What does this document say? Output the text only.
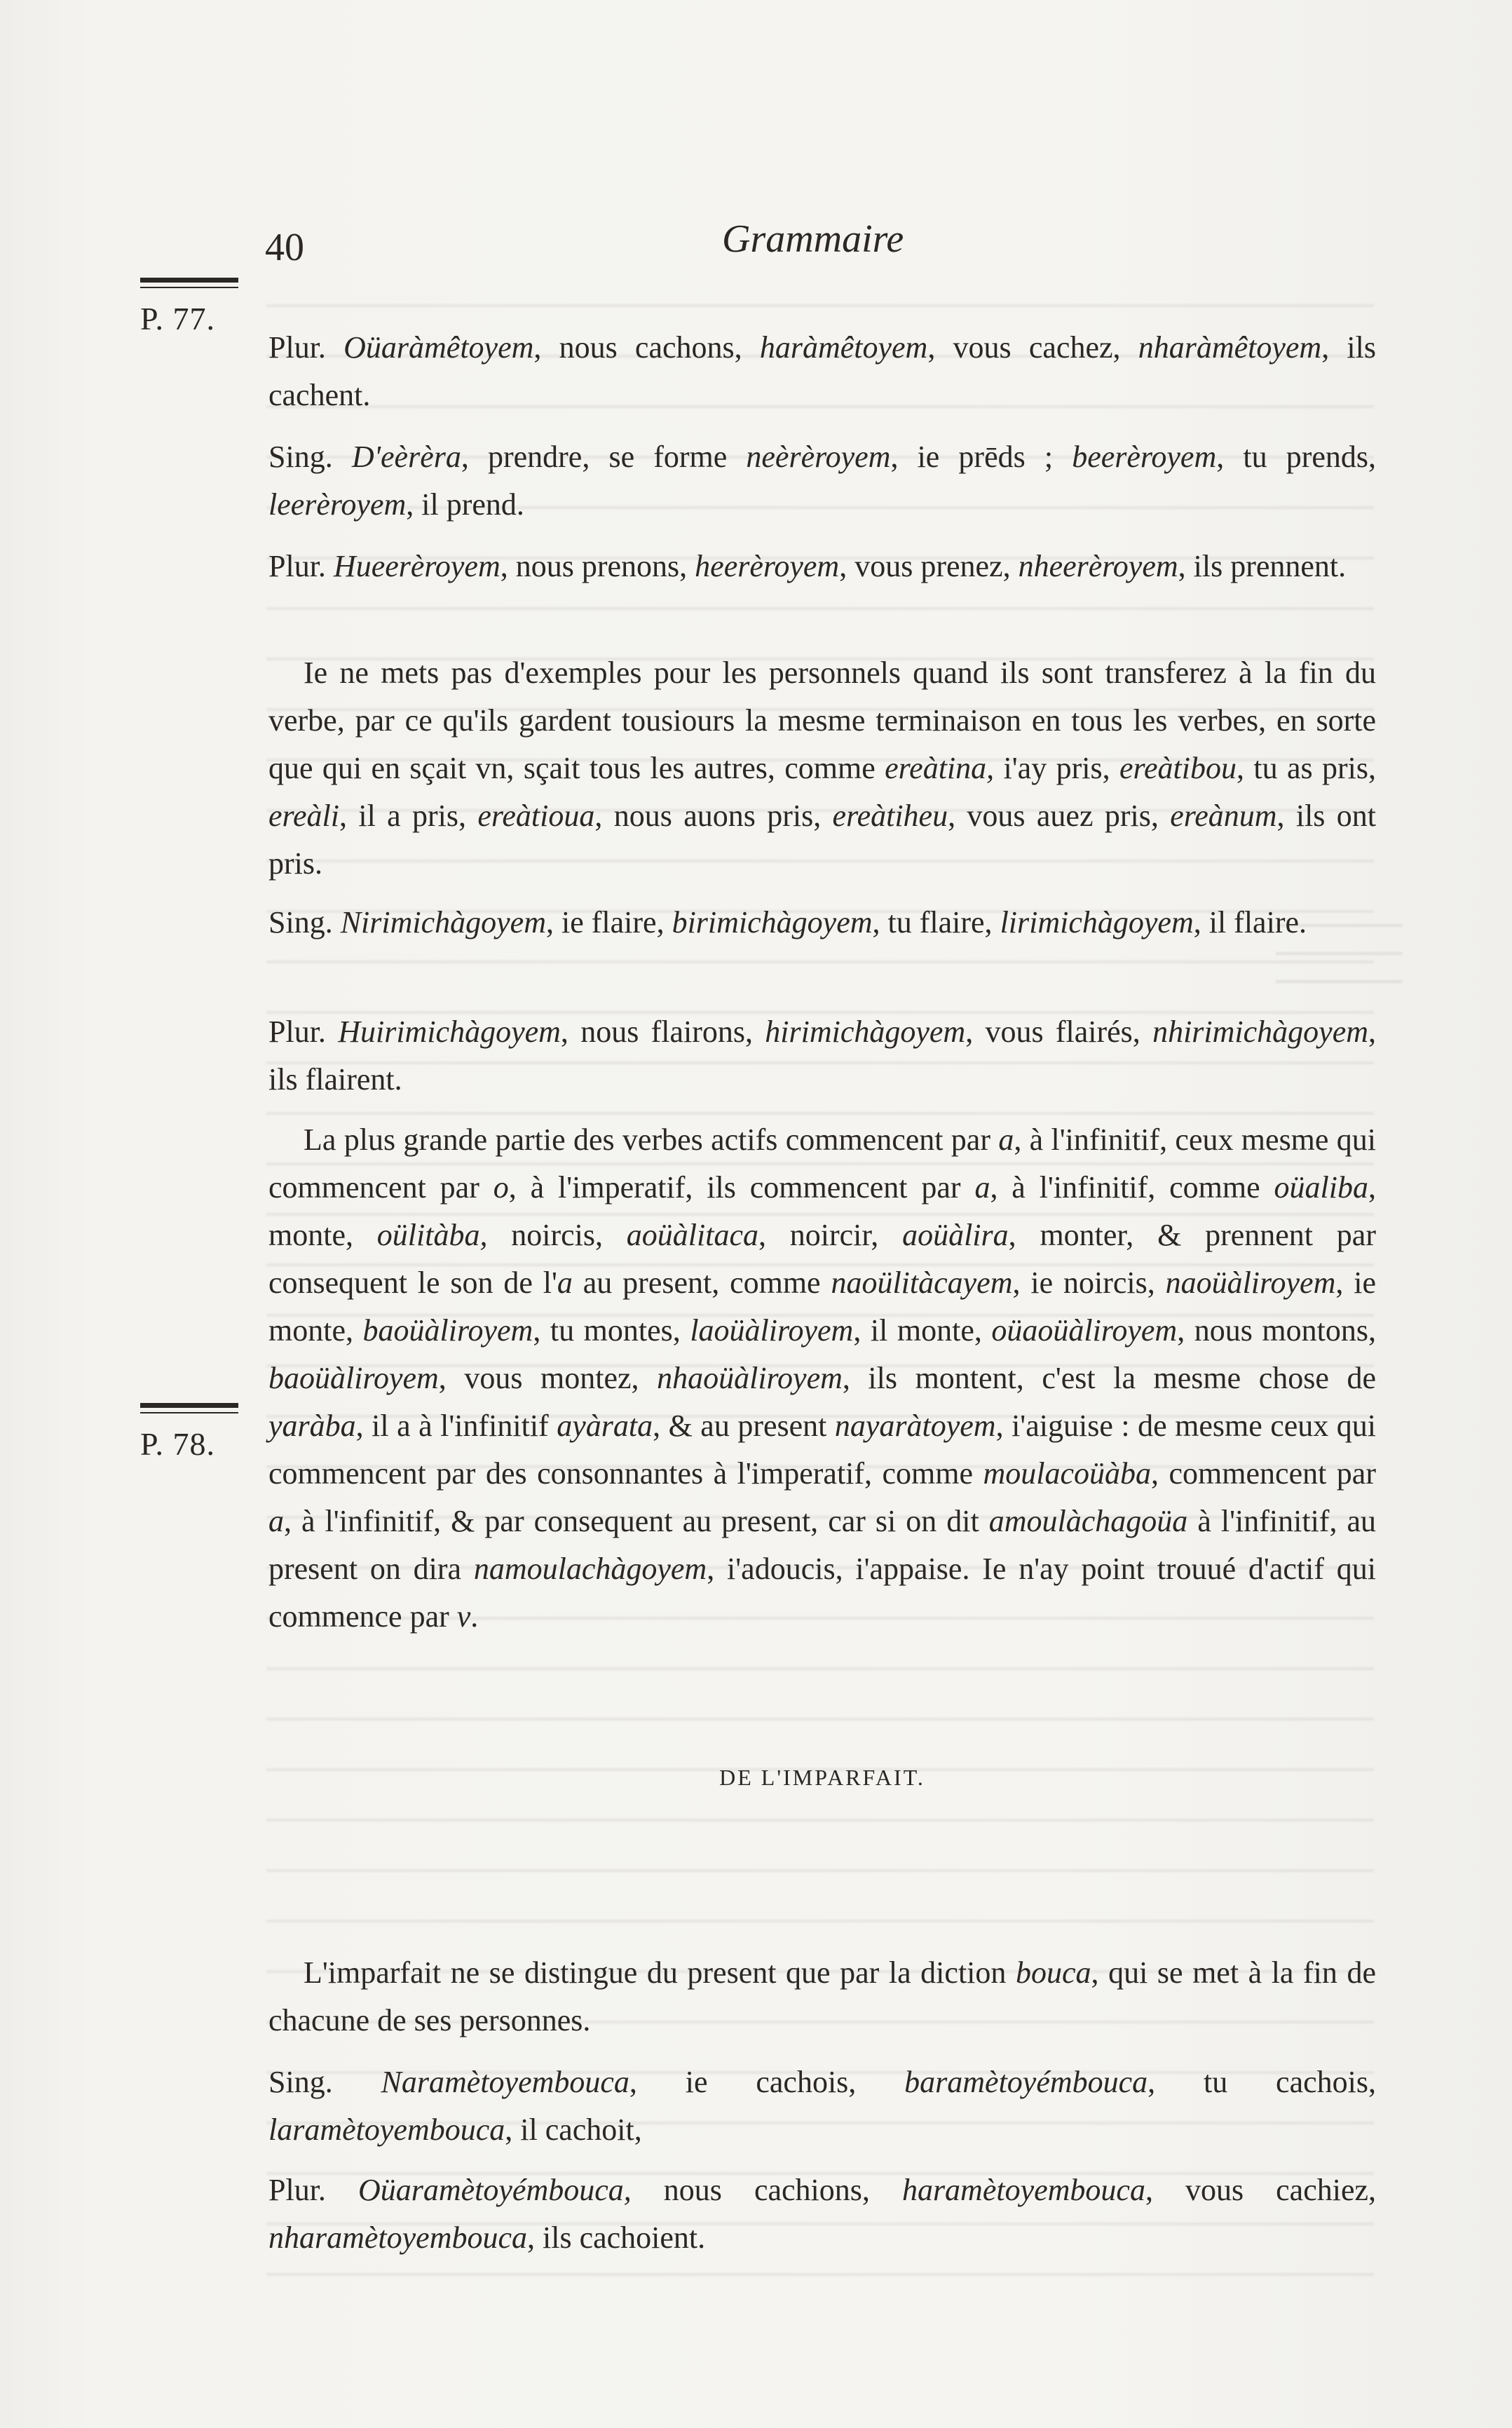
40	Grammaire
P. 77.
P. 78.

Plur. Oüaràmêtoyem, nous cachons, haràmêtoyem, vous cachez, nharàmêtoyem, ils cachent.

Sing. D'eèrèra, prendre, se forme neèrèroyem, ie prēds ; beerèroyem, tu prends, leerèroyem, il prend.

Plur. Hueerèroyem, nous prenons, heerèroyem, vous prenez, nheerèroyem, ils prennent.

Ie ne mets pas d'exemples pour les personnels quand ils sont transferez à la fin du verbe, par ce qu'ils gardent tousiours la mesme terminaison en tous les verbes, en sorte que qui en sçait vn, sçait tous les autres, comme ereàtina, i'ay pris, ereàtibou, tu as pris, ereàli, il a pris, ereàtioua, nous auons pris, ereàtiheu, vous auez pris, ereànum, ils ont pris.

Sing. Nirimichàgoyem, ie flaire, birimichàgoyem, tu flaire, lirimichàgoyem, il flaire.

Plur. Huirimichàgoyem, nous flairons, hirimichàgoyem, vous flairés, nhirimichàgoyem, ils flairent.

La plus grande partie des verbes actifs commencent par a, à l'infinitif, ceux mesme qui commencent par o, à l'imperatif, ils commencent par a, à l'infinitif, comme oüaliba, monte, oülitàba, noircis, aoüàlitaca, noircir, aoüàlira, monter, & prennent par consequent le son de l'a au present, comme naoülitàcayem, ie noircis, naoüàliroyem, ie monte, baoüàliroyem, tu montes, laoüàliroyem, il monte, oüaoüàliroyem, nous montons, baoüàliroyem, vous montez, nhaoüàliroyem, ils montent, c'est la mesme chose de yaràba, il a à l'infinitif ayàrata, & au present nayaràtoyem, i'aiguise : de mesme ceux qui commencent par des consonnantes à l'imperatif, comme moulacoüàba, commencent par a, à l'infinitif, & par consequent au present, car si on dit amoulàchagoüa à l'infinitif, au present on dira namoulachàgoyem, i'adoucis, i'appaise. Ie n'ay point trouué d'actif qui commence par v.

DE L'IMPARFAIT.

L'imparfait ne se distingue du present que par la diction bouca, qui se met à la fin de chacune de ses personnes.

Sing. Naramètoyembouca, ie cachois, baramètoyémbouca, tu cachois, laramètoyembouca, il cachoit,

Plur. Oüaramètoyémbouca, nous cachions, haramètoyembouca, vous cachiez, nharamètoyembouca, ils cachoient.
